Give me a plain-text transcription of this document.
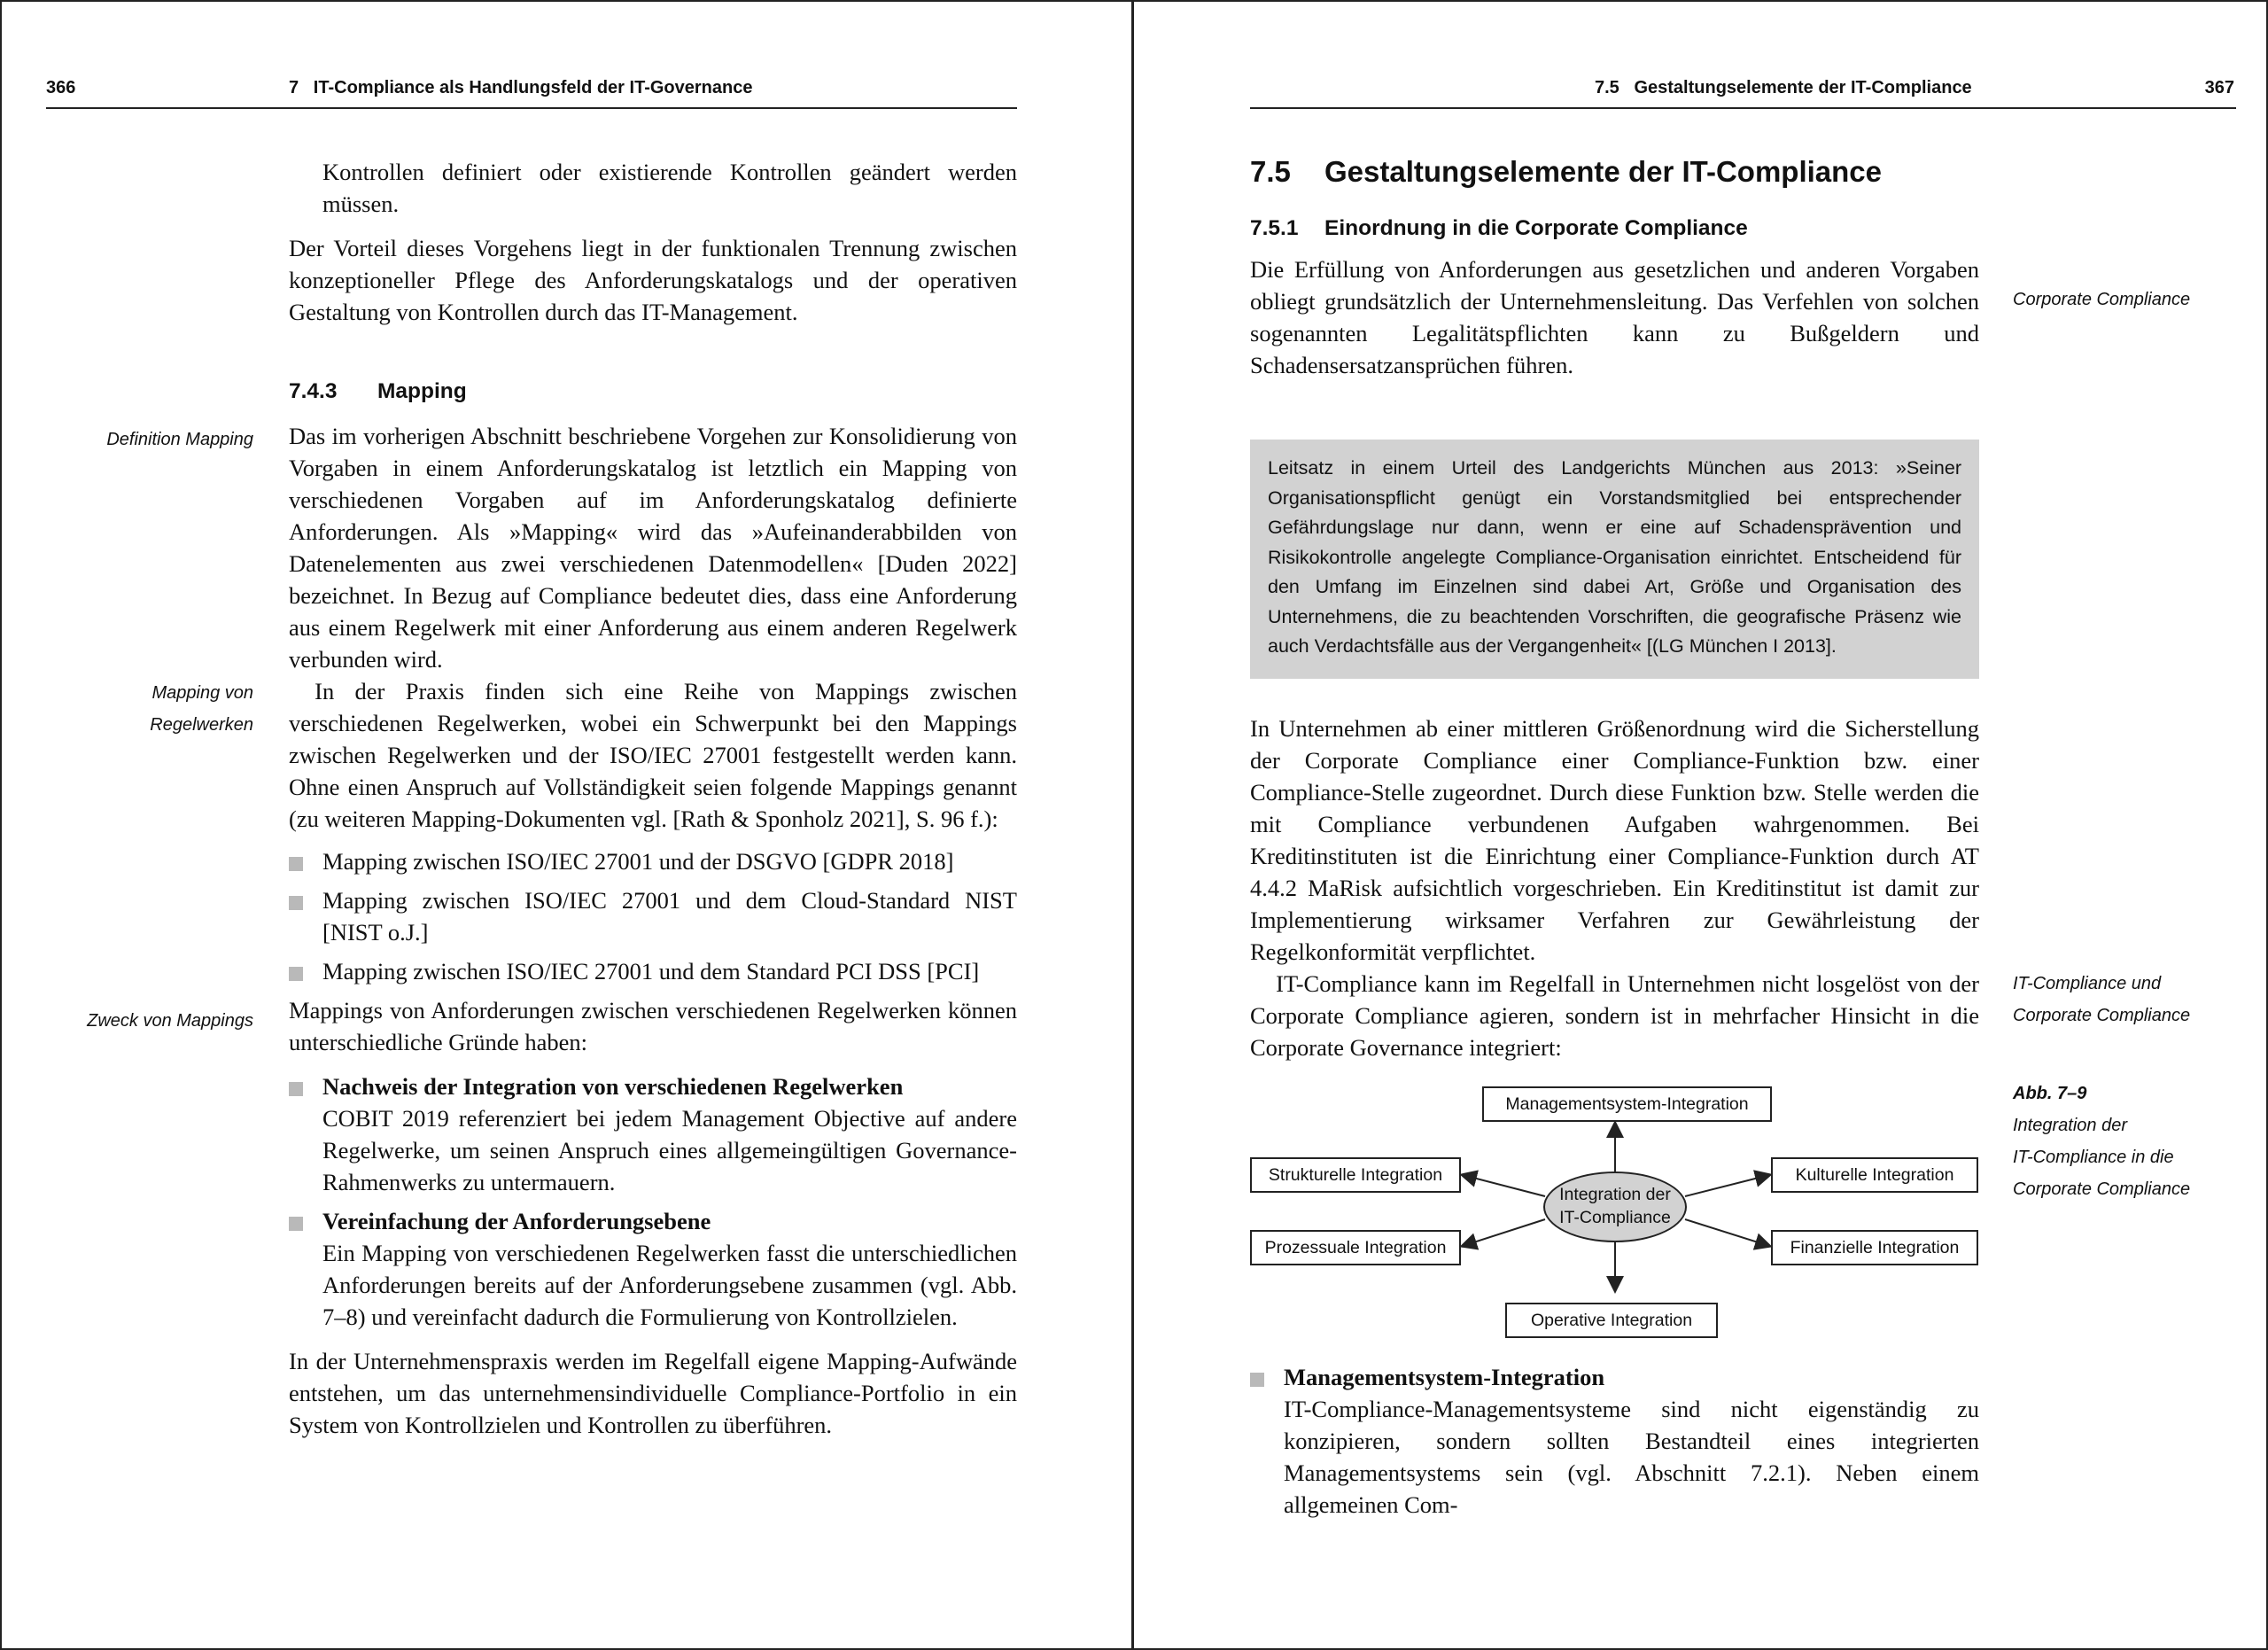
366	7   IT-Compliance als Handlungsfeld der IT-Governance
Definition Mapping
Mapping von
Regelwerken
Zweck von Mappings

Kontrollen definiert oder existierende Kontrollen geändert werden müssen.

Der Vorteil dieses Vorgehens liegt in der funktionalen Trennung zwischen konzeptioneller Pflege des Anforderungskatalogs und der operativen Gestaltung von Kontrollen durch das IT-Management.

7.4.3	Mapping

Das im vorherigen Abschnitt beschriebene Vorgehen zur Konsolidierung von Vorgaben in einem Anforderungskatalog ist letztlich ein Mapping von verschiedenen Vorgaben auf im Anforderungskatalog definierte Anforderungen. Als »Mapping« wird das »Aufeinanderabbilden von Datenelementen aus zwei verschiedenen Datenmodellen« [Duden 2022] bezeichnet. In Bezug auf Compliance bedeutet dies, dass eine Anforderung aus einem Regelwerk mit einer Anforderung aus einem anderen Regelwerk verbunden wird.

In der Praxis finden sich eine Reihe von Mappings zwischen verschiedenen Regelwerken, wobei ein Schwerpunkt bei den Mappings zwischen Regelwerken und der ISO/IEC 27001 festgestellt werden kann. Ohne einen Anspruch auf Vollständigkeit seien folgende Mappings genannt (zu weiteren Mapping-Dokumenten vgl. [Rath & Sponholz 2021], S. 96 f.):

Mapping zwischen ISO/IEC 27001 und der DSGVO [GDPR 2018]
Mapping zwischen ISO/IEC 27001 und dem Cloud-Standard NIST [NIST o.J.]
Mapping zwischen ISO/IEC 27001 und dem Standard PCI DSS [PCI]

Mappings von Anforderungen zwischen verschiedenen Regelwerken können unterschiedliche Gründe haben:

Nachweis der Integration von verschiedenen Regelwerken
COBIT 2019 referenziert bei jedem Management Objective auf andere Regelwerke, um seinen Anspruch eines allgemeingültigen Governance-Rahmenwerks zu untermauern.
Vereinfachung der Anforderungsebene
Ein Mapping von verschiedenen Regelwerken fasst die unterschiedlichen Anforderungen bereits auf der Anforderungsebene zusammen (vgl. Abb. 7–8) und vereinfacht dadurch die Formulierung von Kontrollzielen.

In der Unternehmenspraxis werden im Regelfall eigene Mapping-Aufwände entstehen, um das unternehmensindividuelle Compliance-Portfolio in ein System von Kontrollzielen und Kontrollen zu überführen.

7.5   Gestaltungselemente der IT-Compliance	367
Corporate Compliance
IT-Compliance und
Corporate Compliance
Abb. 7–9
Integration der
IT-Compliance in die
Corporate Compliance
7.5	Gestaltungselemente der IT-Compliance
7.5.1	Einordnung in die Corporate Compliance

Die Erfüllung von Anforderungen aus gesetzlichen und anderen Vorgaben obliegt grundsätzlich der Unternehmensleitung. Das Verfehlen von solchen sogenannten Legalitätspflichten kann zu Bußgeldern und Schadensersatzansprüchen führen.

Leitsatz in einem Urteil des Landgerichts München aus 2013: »Seiner Organisationspflicht genügt ein Vorstandsmitglied bei entsprechender Gefährdungslage nur dann, wenn er eine auf Schadensprävention und Risikokontrolle angelegte Compliance-Organisation einrichtet. Entscheidend für den Umfang im Einzelnen sind dabei Art, Größe und Organisation des Unternehmens, die zu beachtenden Vorschriften, die geografische Präsenz wie auch Verdachtsfälle aus der Vergangenheit« [(LG München I 2013].

In Unternehmen ab einer mittleren Größenordnung wird die Sicherstellung der Corporate Compliance einer Compliance-Funktion bzw. einer Compliance-Stelle zugeordnet. Durch diese Funktion bzw. Stelle werden die mit Compliance verbundenen Aufgaben wahrgenommen. Bei Kreditinstituten ist die Einrichtung einer Compliance-Funktion durch AT 4.4.2 MaRisk aufsichtlich vorgeschrieben. Ein Kreditinstitut ist damit zur Implementierung wirksamer Verfahren zur Gewährleistung der Regelkonformität verpflichtet.

IT-Compliance kann im Regelfall in Unternehmen nicht losgelöst von der Corporate Compliance agieren, sondern ist in mehrfacher Hinsicht in die Corporate Governance integriert:

Managementsystem-Integration
Strukturelle Integration
Prozessuale Integration
Kulturelle Integration
Finanzielle Integration
Operative Integration
Integration der
IT-Compliance
Managementsystem-Integration
IT-Compliance-Managementsysteme sind nicht eigenständig zu konzipieren, sondern sollten Bestandteil eines integrierten Managementsystems sein (vgl. Abschnitt 7.2.1). Neben einem allgemeinen Com-
